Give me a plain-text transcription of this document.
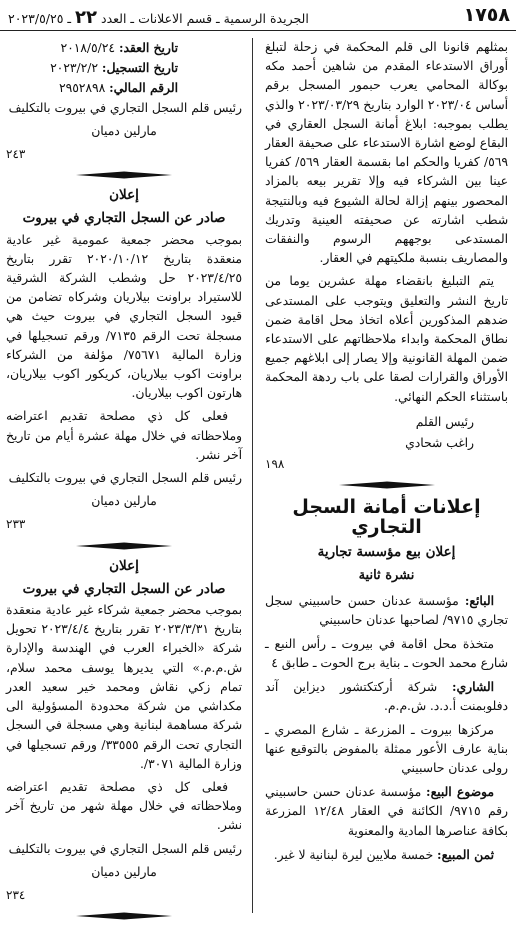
١٧٥٨
الجريدة الرسمية ـ قسم الاعلانات ـ العدد ٢٢ ـ ٢٠٢٣/٥/٢٥

بمثلهم قانونا الى قلم المحكمة في زحلة لتبلغ أوراق الاستدعاء المقدم من شاهين أحمد مكه بوكالة المحامي يعرب حبمور المسجل برقم أساس ٢٠٢٣/٠٤ الوارد بتاريخ ٢٠٢٣/٠٣/٢٩ والذي يطلب بموجبه: ابلاغ أمانة السجل العقاري في البقاع لوضع اشارة الاستدعاء على صحيفة العقار ٥٦٩/ كفريا والحكم اما بقسمة العقار ٥٦٩/ كفريا عينا بين الشركاء فيه وإلا تقرير بيعه بالمزاد المحصور بينهم إزالة لحالة الشيوع فيه وبالنتيجة شطب اشارته عن صحيفته العينية وتدريك المستدعى بوجههم الرسوم والنفقات والمصاريف بنسبة ملكيتهم في العقار.

يتم التبليغ بانقضاء مهلة عشرين يوما من تاريخ النشر والتعليق ويتوجب على المستدعى ضدهم المذكورين أعلاه اتخاذ محل اقامة ضمن نطاق المحكمة وابداء ملاحظاتهم على الاستدعاء ضمن المهلة القانونية وإلا يصار إلى ابلاغهم جميع الأوراق والقرارات لصقا على باب ردهة المحكمة باستثناء الحكم النهائي.

رئيس القلم

راغب شحادي

١٩٨
إعلانات أمانة السجل التجاري
إعلان بيع مؤسسة تجارية
نشرة ثانية

البائع: مؤسسة عدنان حسن حاسبيني سجل تجاري ٩٧١٥/ لصاحبها عدنان حاسبيني

متخذة محل اقامة في بيروت ـ رأس النبع ـ شارع محمد الحوت ـ بناية برج الحوت ـ طابق ٤

الشاري: شركة أركتكتشور ديزاين آند دفلوبمنت أ.د.د. ش.م.م.

مركزها بيروت ـ المزرعة ـ شارع المصري ـ بناية عارف الأعور ممثلة بالمفوض بالتوقيع عنها رولى عدنان حاسبيني

موضوع البيع: مؤسسة عدنان حسن حاسبيني رقم ٩٧١٥/ الكائنة في العقار ١٢/٤٨ المزرعة بكافة عناصرها المادية والمعنوية

ثمن المبيع: خمسة ملايين ليرة لبنانية لا غير.

تاريخ العقد: ٢٠١٨/٥/٢٤

تاريخ التسجيل: ٢٠٢٣/٢/٢

الرقم المالي: ٢٩٥٢٨٩٨

رئيس قلم السجل التجاري في بيروت بالتكليف

مارلين دميان

٢٤٣
إعلان
صادر عن السجل التجاري في بيروت

بموجب محضر جمعية عمومية غير عادية منعقدة بتاريخ ٢٠٢٠/١٠/١٢ تقرر بتاريخ ٢٠٢٣/٤/٢٥ حل وشطب الشركة الشرقية للاستيراد براونت بيلاريان وشركاه تضامن من قيود السجل التجاري في بيروت حيث هي مسجلة تحت الرقم ٧١٣٥/ ورقم تسجيلها في وزارة المالية ٧٥٦٧١/ مؤلفة من الشركاء براونت اكوب بيلاريان، كريكور اكوب بيلاريان، هارتون اكوب بيلاريان.

فعلى كل ذي مصلحة تقديم اعتراضه وملاحظاته في خلال مهلة عشرة أيام من تاريخ آخر نشر.

رئيس قلم السجل التجاري في بيروت بالتكليف

مارلين دميان

٢٣٣
إعلان
صادر عن السجل التجاري في بيروت

بموجب محضر جمعية شركاء غير عادية منعقدة بتاريخ ٢٠٢٣/٣/٣١ تقرر بتاريخ ٢٠٢٣/٤/٤ تحويل شركة «الخبراء العرب في الهندسة والإدارة ش.م.م.» التي يديرها يوسف محمد سلام، تمام زكي نقاش ومحمد خير سعيد العدر مكداشي من شركة محدودة المسؤولية الى شركة مساهمة لبنانية وهي مسجلة في السجل التجاري تحت الرقم ٣٣٥٥٥/ ورقم تسجيلها في وزارة المالية ٣٠٧١/.

فعلى كل ذي مصلحة تقديم اعتراضه وملاحظاته في خلال مهلة شهر من تاريخ آخر نشر.

رئيس قلم السجل التجاري في بيروت بالتكليف

مارلين دميان

٢٣٤
